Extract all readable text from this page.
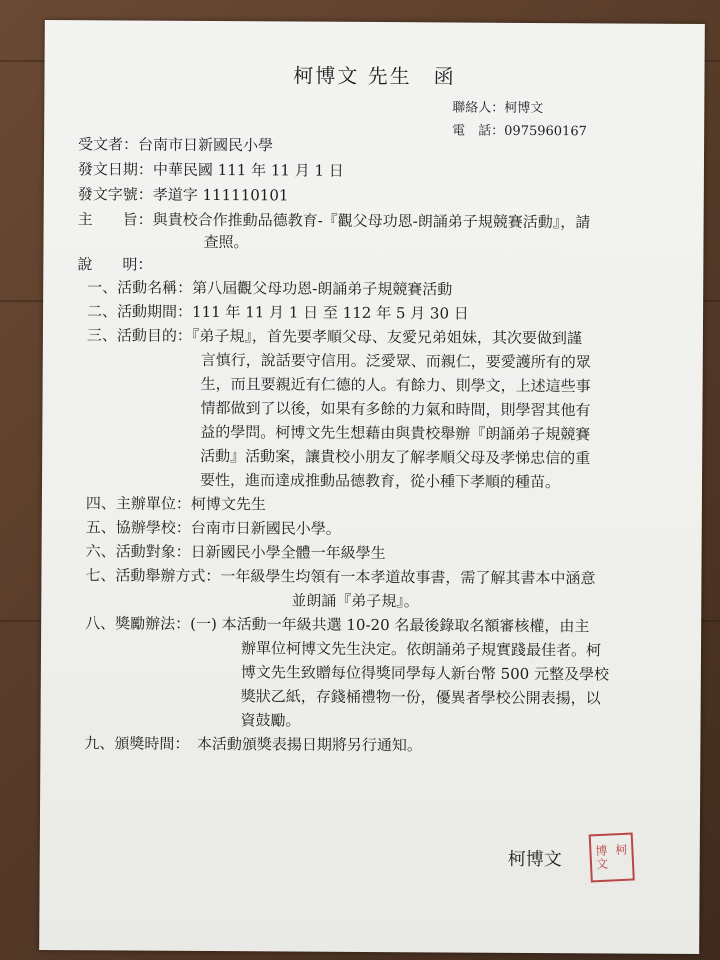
柯博文 先生　函
聯絡人：柯博文
電　話：0975960167
受文者：台南市日新國民小學
發文日期：中華民國 111 年 11 月 1 日
發文字號：孝道字 111110101
主　　旨：與貴校合作推動品德教育-『觀父母功恩-朗誦弟子規競賽活動』，請
查照。
說　　明：
一、活動名稱：第八屆觀父母功恩-朗誦弟子規競賽活動
二、活動期間：111 年 11 月 1 日 至 112 年 5 月 30 日
三、活動目的：『弟子規』，首先要孝順父母、友愛兄弟姐妹，其次要做到謹
言慎行，說話要守信用。泛愛眾、而親仁，要愛護所有的眾
生，而且要親近有仁德的人。有餘力、則學文，上述這些事
情都做到了以後，如果有多餘的力氣和時間，則學習其他有
益的學問。柯博文先生想藉由與貴校舉辦『朗誦弟子規競賽
活動』活動案，讓貴校小朋友了解孝順父母及孝悌忠信的重
要性，進而達成推動品德教育，從小種下孝順的種苗。
四、主辦單位：柯博文先生
五、協辦學校：台南市日新國民小學。
六、活動對象：日新國民小學全體一年級學生
七、活動舉辦方式：一年級學生均領有一本孝道故事書，需了解其書本中涵意
並朗誦『弟子規』。
八、獎勵辦法：(一) 本活動一年級共選 10-20 名最後錄取名額審核權，由主
辦單位柯博文先生決定。依朗誦弟子規實踐最佳者。柯
博文先生致贈每位得獎同學每人新台幣 500 元整及學校
獎狀乙紙，存錢桶禮物一份，優異者學校公開表揚，以
資鼓勵。
九、頒獎時間：　本活動頒獎表揚日期將另行通知。
柯博文	博 柯
文
